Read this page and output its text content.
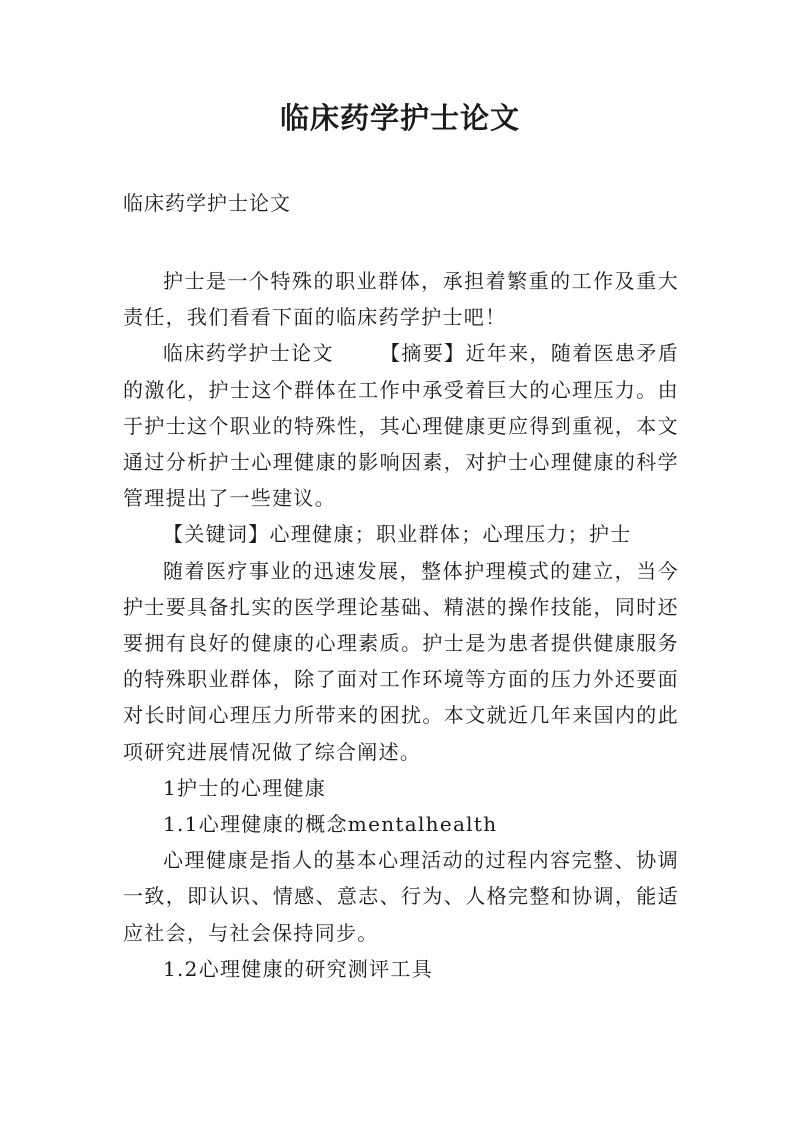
临床药学护士论文
临床药学护士论文

护士是一个特殊的职业群体，承担着繁重的工作及重大责任，我们看看下面的临床药学护士吧！

临床药学护士论文 【摘要】近年来，随着医患矛盾的激化，护士这个群体在工作中承受着巨大的心理压力。由于护士这个职业的特殊性，其心理健康更应得到重视，本文通过分析护士心理健康的影响因素，对护士心理健康的科学管理提出了一些建议。

【关键词】心理健康；职业群体；心理压力；护士

随着医疗事业的迅速发展，整体护理模式的建立，当今护士要具备扎实的医学理论基础、精湛的操作技能，同时还要拥有良好的健康的心理素质。护士是为患者提供健康服务的特殊职业群体，除了面对工作环境等方面的压力外还要面对长时间心理压力所带来的困扰。本文就近几年来国内的此项研究进展情况做了综合阐述。

1护士的心理健康

1.1心理健康的概念mentalhealth

心理健康是指人的基本心理活动的过程内容完整、协调一致，即认识、情感、意志、行为、人格完整和协调，能适应社会，与社会保持同步。

1.2心理健康的研究测评工具
